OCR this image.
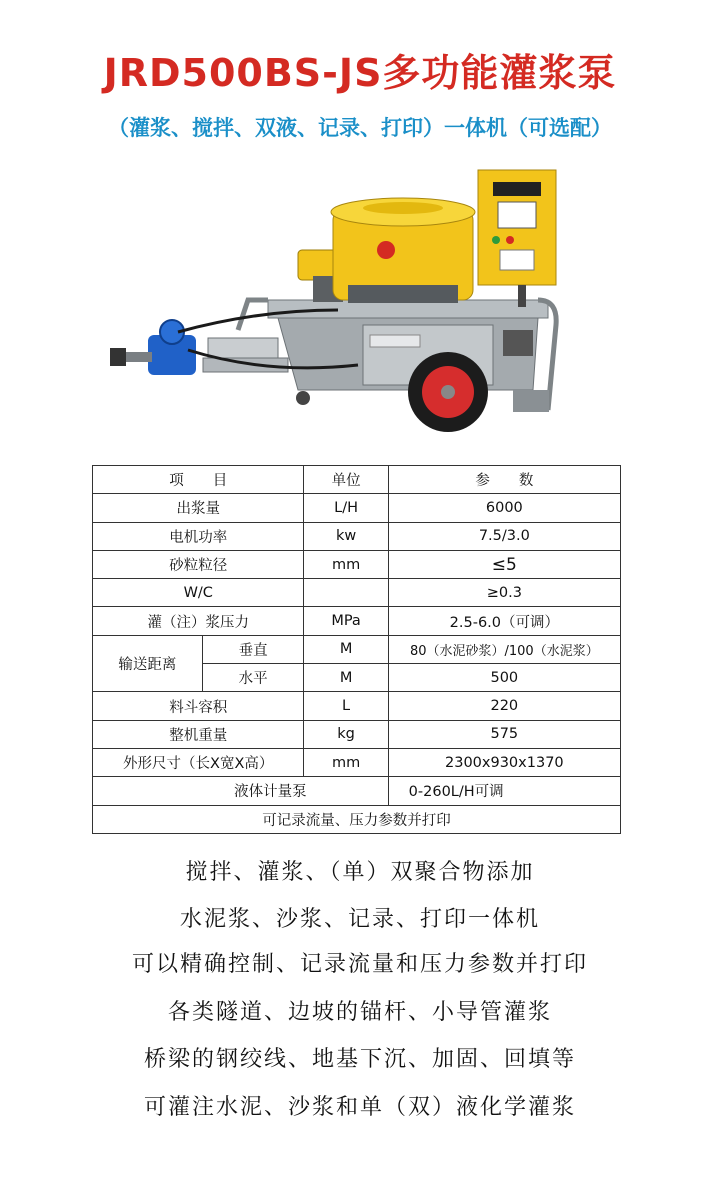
JRD500BS-JS多功能灌浆泵
（灌浆、搅拌、双液、记录、打印）一体机（可选配）
项　　目		单位	参　　数
出浆量		L/H	6000
电机功率		kw	7.5/3.0
砂粒粒径		mm	≤5
W/C			≥0.3
灌（注）浆压力		MPa	2.5-6.0（可调）
输送距离	垂直	M	80（水泥砂浆）/100（水泥浆）
	水平	M	500
料斗容积		L	220
整机重量		kg	575
外形尺寸（长X宽X高）		mm	2300x930x1370
液体计量泵			0-260L/H可调
可记录流量、压力参数并打印			
搅拌、灌浆、（单）双聚合物添加
水泥浆、沙浆、记录、打印一体机
可以精确控制、记录流量和压力参数并打印
各类隧道、边坡的锚杆、小导管灌浆
桥梁的钢绞线、地基下沉、加固、回填等
可灌注水泥、沙浆和单（双）液化学灌浆
